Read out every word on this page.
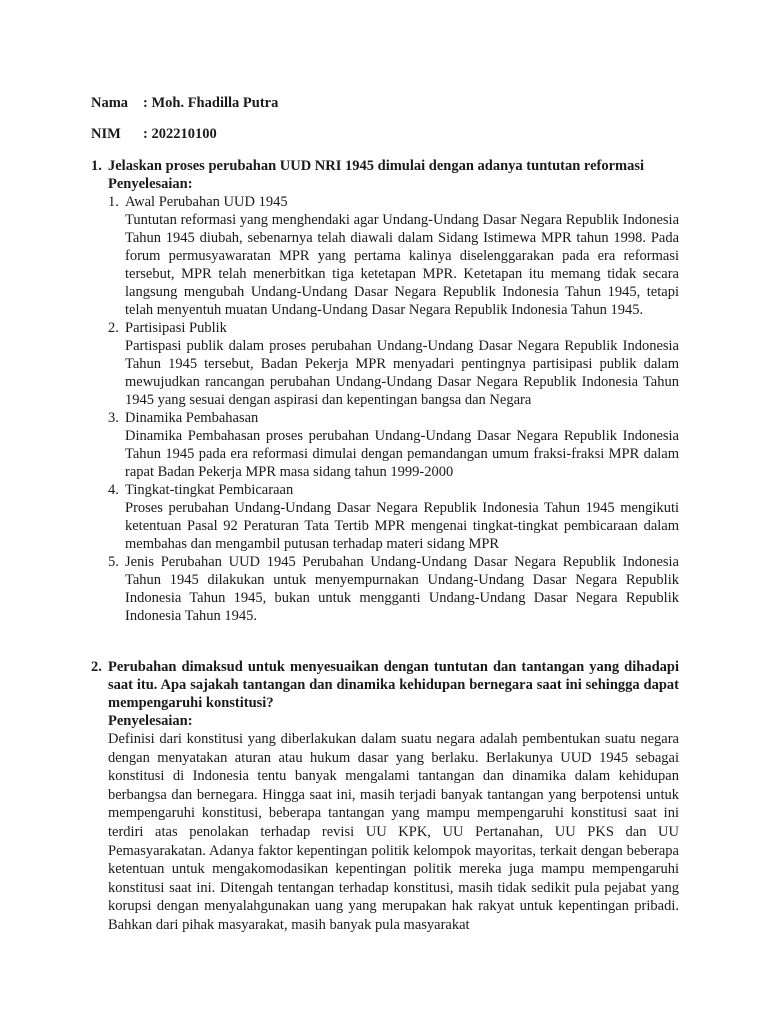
Nama : Moh. Fhadilla Putra
NIM : 202210100
1. Jelaskan proses perubahan UUD NRI 1945 dimulai dengan adanya tuntutan reformasi
Penyelesaian:
1. Awal Perubahan UUD 1945
Tuntutan reformasi yang menghendaki agar Undang-Undang Dasar Negara Republik Indonesia Tahun 1945 diubah, sebenarnya telah diawali dalam Sidang Istimewa MPR tahun 1998. Pada forum permusyawaratan MPR yang pertama kalinya diselenggarakan pada era reformasi tersebut, MPR telah menerbitkan tiga ketetapan MPR. Ketetapan itu memang tidak secara langsung mengubah Undang-Undang Dasar Negara Republik Indonesia Tahun 1945, tetapi telah menyentuh muatan Undang-Undang Dasar Negara Republik Indonesia Tahun 1945.
2. Partisipasi Publik
Partispasi publik dalam proses perubahan Undang-Undang Dasar Negara Republik Indonesia Tahun 1945 tersebut, Badan Pekerja MPR menyadari pentingnya partisipasi publik dalam mewujudkan rancangan perubahan Undang-Undang Dasar Negara Republik Indonesia Tahun 1945 yang sesuai dengan aspirasi dan kepentingan bangsa dan Negara
3. Dinamika Pembahasan
Dinamika Pembahasan proses perubahan Undang-Undang Dasar Negara Republik Indonesia Tahun 1945 pada era reformasi dimulai dengan pemandangan umum fraksi-fraksi MPR dalam rapat Badan Pekerja MPR masa sidang tahun 1999-2000
4. Tingkat-tingkat Pembicaraan
Proses perubahan Undang-Undang Dasar Negara Republik Indonesia Tahun 1945 mengikuti ketentuan Pasal 92 Peraturan Tata Tertib MPR mengenai tingkat-tingkat pembicaraan dalam membahas dan mengambil putusan terhadap materi sidang MPR
5. Jenis Perubahan UUD 1945 Perubahan Undang-Undang Dasar Negara Republik Indonesia Tahun 1945 dilakukan untuk menyempurnakan Undang-Undang Dasar Negara Republik Indonesia Tahun 1945, bukan untuk mengganti Undang-Undang Dasar Negara Republik Indonesia Tahun 1945.
2. Perubahan dimaksud untuk menyesuaikan dengan tuntutan dan tantangan yang dihadapi saat itu. Apa sajakah tantangan dan dinamika kehidupan bernegara saat ini sehingga dapat mempengaruhi konstitusi?
Penyelesaian:
Definisi dari konstitusi yang diberlakukan dalam suatu negara adalah pembentukan suatu negara dengan menyatakan aturan atau hukum dasar yang berlaku. Berlakunya UUD 1945 sebagai konstitusi di Indonesia tentu banyak mengalami tantangan dan dinamika dalam kehidupan berbangsa dan bernegara. Hingga saat ini, masih terjadi banyak tantangan yang berpotensi untuk mempengaruhi konstitusi, beberapa tantangan yang mampu mempengaruhi konstitusi saat ini terdiri atas penolakan terhadap revisi UU KPK, UU Pertanahan, UU PKS dan UU Pemasyarakatan. Adanya faktor kepentingan politik kelompok mayoritas, terkait dengan beberapa ketentuan untuk mengakomodasikan kepentingan politik mereka juga mampu mempengaruhi konstitusi saat ini. Ditengah tentangan terhadap konstitusi, masih tidak sedikit pula pejabat yang korupsi dengan menyalahgunakan uang yang merupakan hak rakyat untuk kepentingan pribadi. Bahkan dari pihak masyarakat, masih banyak pula masyarakat
